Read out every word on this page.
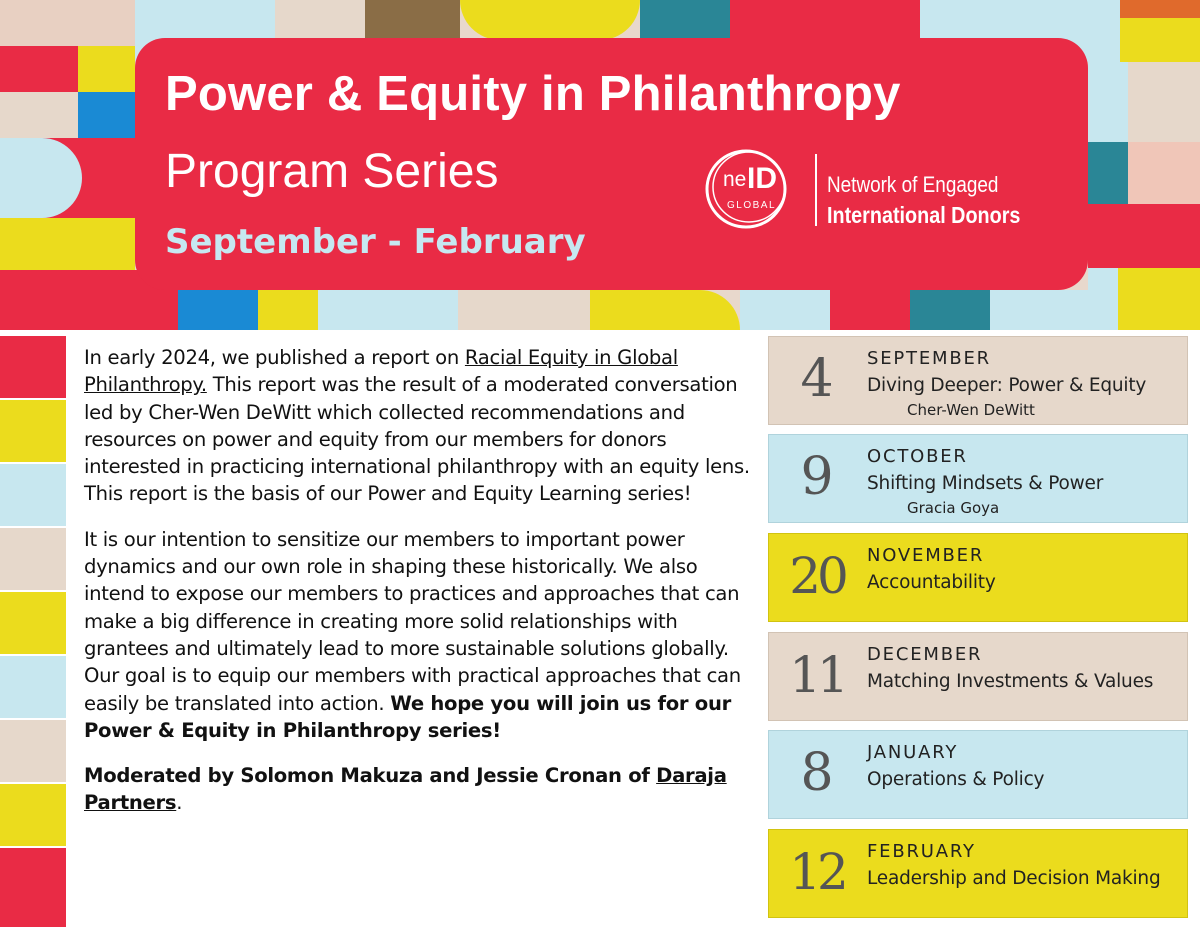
Power & Equity in Philanthropy
Program Series
September - February
ne ID
GLOBAL
Network of Engaged
International Donors

In early 2024, we published a report on Racial Equity in Global Philanthropy. This report was the result of a moderated conversation led by Cher-Wen DeWitt which collected recommendations and resources on power and equity from our members for donors interested in practicing international philanthropy with an equity lens. This report is the basis of our Power and Equity Learning series!

It is our intention to sensitize our members to important power dynamics and our own role in shaping these historically. We also intend to expose our members to practices and approaches that can make a big difference in creating more solid relationships with grantees and ultimately lead to more sustainable solutions globally. Our goal is to equip our members with practical approaches that can easily be translated into action. We hope you will join us for our Power & Equity in Philanthropy series!

Moderated by Solomon Makuza and Jessie Cronan of Daraja Partners.

4	SEPTEMBER
Diving Deeper: Power & Equity
Cher-Wen DeWitt
9	OCTOBER
Shifting Mindsets & Power
Gracia Goya
20	NOVEMBER
Accountability
11	DECEMBER
Matching Investments & Values
8	JANUARY
Operations & Policy
12	FEBRUARY
Leadership and Decision Making
